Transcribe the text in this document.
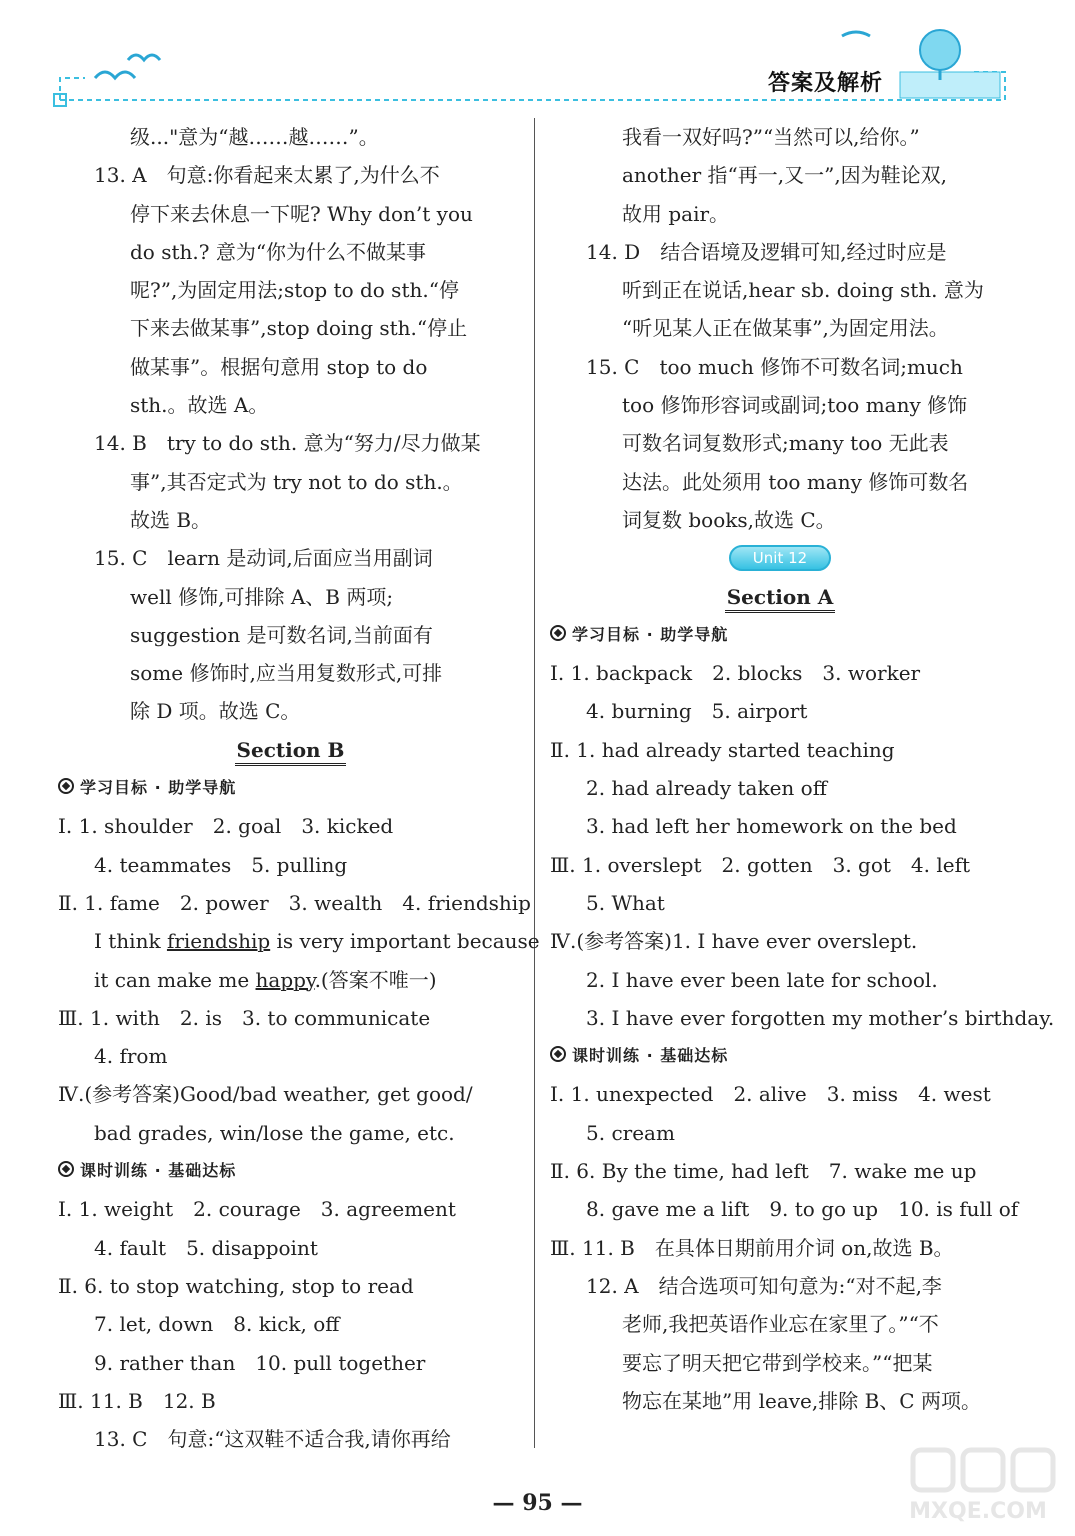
答案及解析
级..."意为“越……越……”。
13. A　句意:你看起来太累了,为什么不
停下来去休息一下呢? Why don’t you
do sth.? 意为“你为什么不做某事
呢?”,为固定用法;stop to do sth.“停
下来去做某事”,stop doing sth.“停止
做某事”。根据句意用 stop to do
sth.。故选 A。
14. B　try to do sth. 意为“努力/尽力做某
事”,其否定式为 try not to do sth.。
故选 B。
15. C　learn 是动词,后面应当用副词
well 修饰,可排除 A、B 两项;
suggestion 是可数名词,当前面有
some 修饰时,应当用复数形式,可排
除 D 项。故选 C。
Section B
学习目标 · 助学导航
Ⅰ. 1. shoulder　2. goal　3. kicked
4. teammates　5. pulling
Ⅱ. 1. fame　2. power　3. wealth　4. friendship
I think friendship is very important because
it can make me happy.(答案不唯一)
Ⅲ. 1. with　2. is　3. to communicate
4. from
Ⅳ.(参考答案)Good/bad weather, get good/
bad grades, win/lose the game, etc.
课时训练 · 基础达标
Ⅰ. 1. weight　2. courage　3. agreement
4. fault　5. disappoint
Ⅱ. 6. to stop watching, stop to read
7. let, down　8. kick, off
9. rather than　10. pull together
Ⅲ. 11. B　12. B
13. C　句意:“这双鞋不适合我,请你再给
我看一双好吗?”“当然可以,给你。”
another 指“再一,又一”,因为鞋论双,
故用 pair。
14. D　结合语境及逻辑可知,经过时应是
听到正在说话,hear sb. doing sth. 意为
“听见某人正在做某事”,为固定用法。
15. C　too much 修饰不可数名词;much
too 修饰形容词或副词;too many 修饰
可数名词复数形式;many too 无此表
达法。此处须用 too many 修饰可数名
词复数 books,故选 C。
Unit 12
Section A
学习目标 · 助学导航
Ⅰ. 1. backpack　2. blocks　3. worker
4. burning　5. airport
Ⅱ. 1. had already started teaching
2. had already taken off
3. had left her homework on the bed
Ⅲ. 1. overslept　2. gotten　3. got　4. left
5. What
Ⅳ.(参考答案)1. I have ever overslept.
2. I have ever been late for school.
3. I have ever forgotten my mother’s birthday.
课时训练 · 基础达标
Ⅰ. 1. unexpected　2. alive　3. miss　4. west
5. cream
Ⅱ. 6. By the time, had left　7. wake me up
8. gave me a lift　9. to go up　10. is full of
Ⅲ. 11. B　在具体日期前用介词 on,故选 B。
12. A　结合选项可知句意为:“对不起,李
老师,我把英语作业忘在家里了。”“不
要忘了明天把它带到学校来。”“把某
物忘在某地”用 leave,排除 B、C 两项。
— 95 —	MXQE.COM
